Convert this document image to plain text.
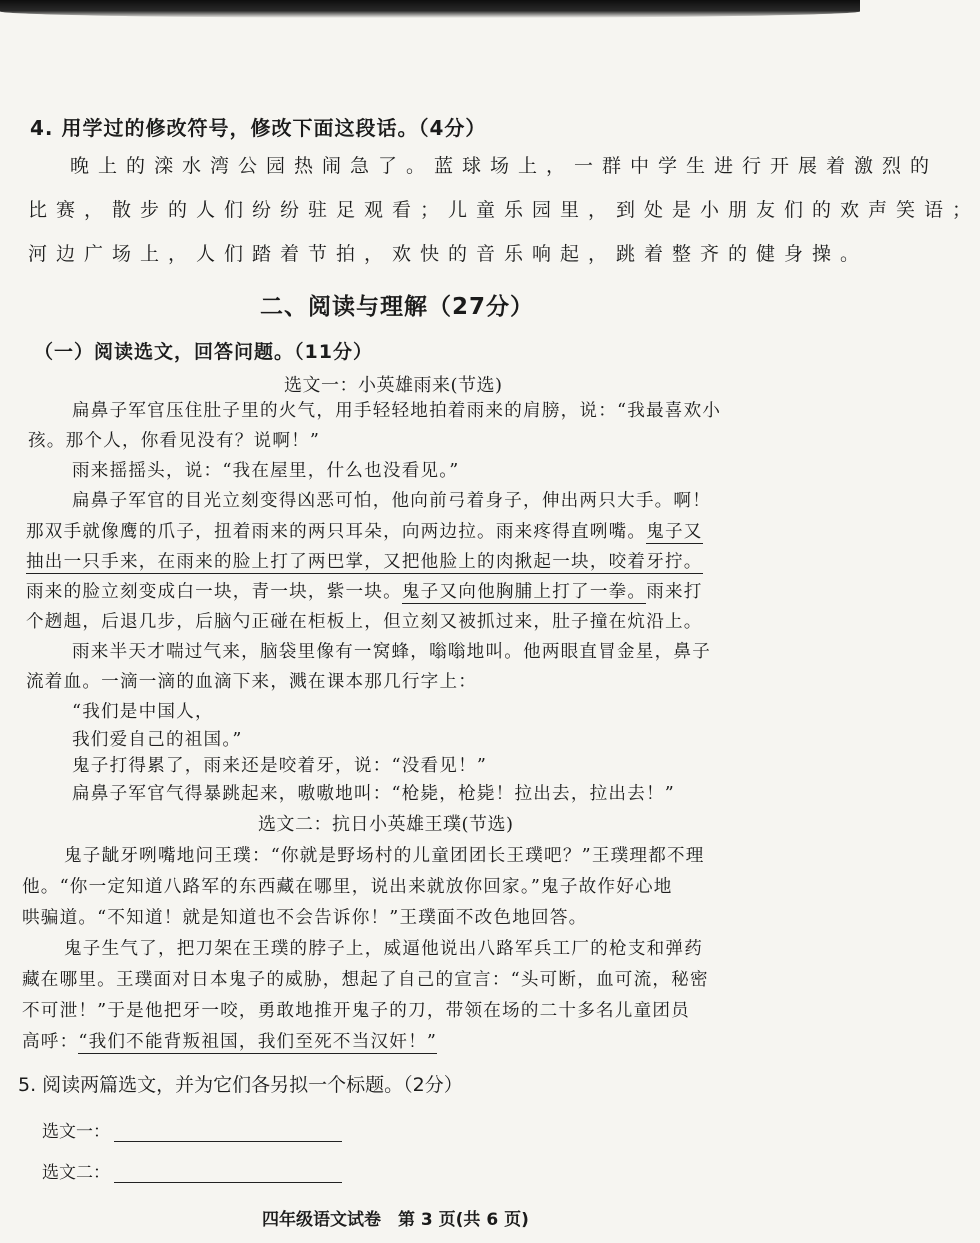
4. 用学过的修改符号，修改下面这段话。（4分）
晚上的滦水湾公园热闹急了。蓝球场上，一群中学生进行开展着激烈的
比赛，散步的人们纷纷驻足观看；儿童乐园里，到处是小朋友们的欢声笑语；
河边广场上，人们踏着节拍，欢快的音乐响起，跳着整齐的健身操。
二、阅读与理解（27分）
（一）阅读选文，回答问题。（11分）
选文一：小英雄雨来(节选)
扁鼻子军官压住肚子里的火气，用手轻轻地拍着雨来的肩膀，说：“我最喜欢小
孩。那个人，你看见没有？说啊！”
雨来摇摇头，说：“我在屋里，什么也没看见。”
扁鼻子军官的目光立刻变得凶恶可怕，他向前弓着身子，伸出两只大手。啊！
那双手就像鹰的爪子，扭着雨来的两只耳朵，向两边拉。雨来疼得直咧嘴。鬼子又
抽出一只手来，在雨来的脸上打了两巴掌，又把他脸上的肉揪起一块，咬着牙拧。
雨来的脸立刻变成白一块，青一块，紫一块。鬼子又向他胸脯上打了一拳。雨来打
个趔趄，后退几步，后脑勺正碰在柜板上，但立刻又被抓过来，肚子撞在炕沿上。
雨来半天才喘过气来，脑袋里像有一窝蜂，嗡嗡地叫。他两眼直冒金星，鼻子
流着血。一滴一滴的血滴下来，溅在课本那几行字上：
“我们是中国人，
我们爱自己的祖国。”
鬼子打得累了，雨来还是咬着牙，说：“没看见！”
扁鼻子军官气得暴跳起来，嗷嗷地叫：“枪毙，枪毙！拉出去，拉出去！”
选文二：抗日小英雄王璞(节选)
鬼子龇牙咧嘴地问王璞：“你就是野场村的儿童团团长王璞吧？”王璞理都不理
他。“你一定知道八路军的东西藏在哪里，说出来就放你回家。”鬼子故作好心地
哄骗道。“不知道！就是知道也不会告诉你！”王璞面不改色地回答。
鬼子生气了，把刀架在王璞的脖子上，威逼他说出八路军兵工厂的枪支和弹药
藏在哪里。王璞面对日本鬼子的威胁，想起了自己的宣言：“头可断，血可流，秘密
不可泄！”于是他把牙一咬，勇敢地推开鬼子的刀，带领在场的二十多名儿童团员
高呼：“我们不能背叛祖国，我们至死不当汉奸！”
5. 阅读两篇选文，并为它们各另拟一个标题。（2分）
选文一：
选文二：
四年级语文试卷　第 3 页(共 6 页)
